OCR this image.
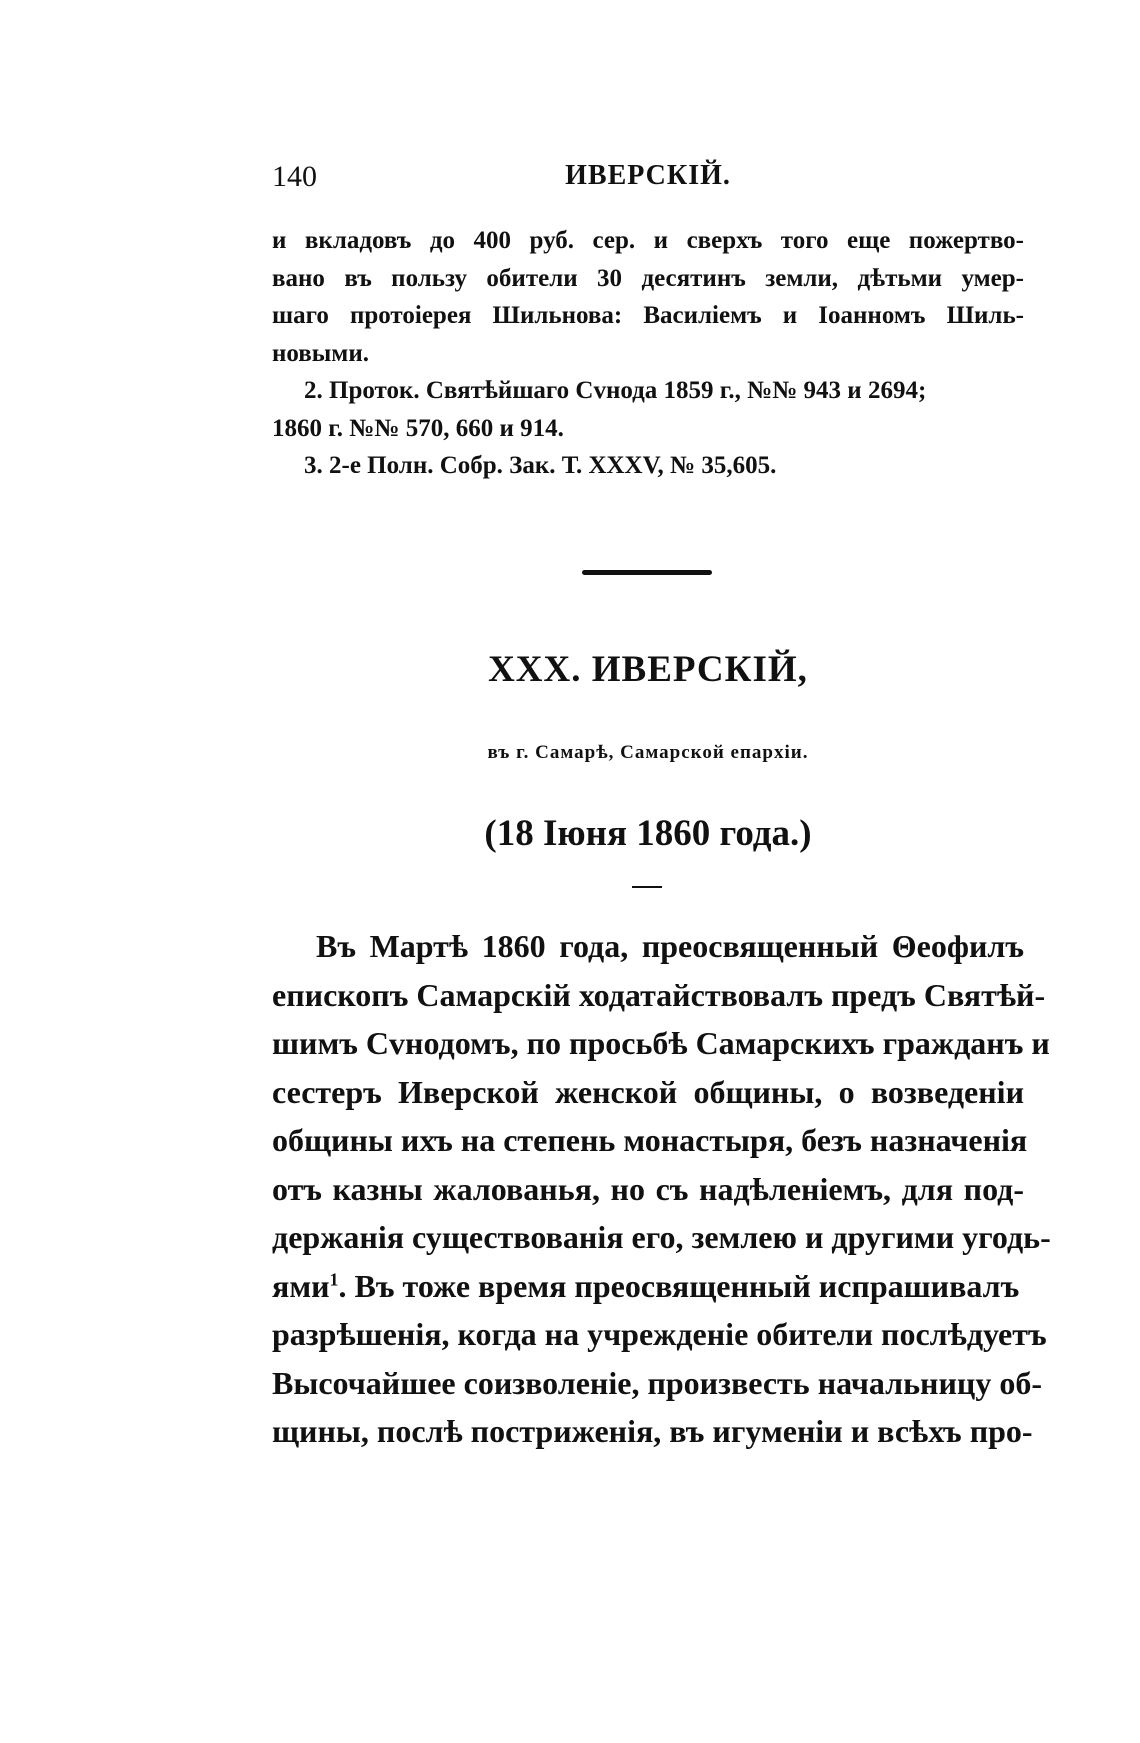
140	ИВЕРСКІЙ.
и вкладовъ до 400 руб. сер. и сверхъ того еще пожертво-
вано въ пользу обители 30 десятинъ земли, дѣтьми умер-
шаго протоіерея Шильнова: Василіемъ и Іоанномъ Шиль-
новыми.
2. Проток. Святѣйшаго Сvнода 1859 г., №№ 943 и 2694;
1860 г. №№ 570, 660 и 914.
3. 2-е Полн. Собр. Зак. Т. XXXV, № 35,605.
XXX. ИВЕРСКІЙ,
въ г. Самарѣ, Самарской епархіи.
(18 Іюня 1860 года.)
Въ Мартѣ 1860 года, преосвященный Θеофилъ
епископъ Самарскій ходатайствовалъ предъ Святѣй-
шимъ Сvнодомъ, по просьбѣ Самарскихъ гражданъ и
сестеръ Иверской женской общины, о возведеніи
общины ихъ на степень монастыря, безъ назначенія
отъ казны жалованья, но съ надѣленіемъ, для под-
держанія существованія его, землею и другими угодь-
ями$^1$. Въ тоже время преосвященный испрашивалъ
разрѣшенія, когда на учрежденіе обители послѣдуетъ
Высочайшее соизволеніе, произвесть начальницу об-
щины, послѣ постриженія, въ игуменіи и всѣхъ про-
